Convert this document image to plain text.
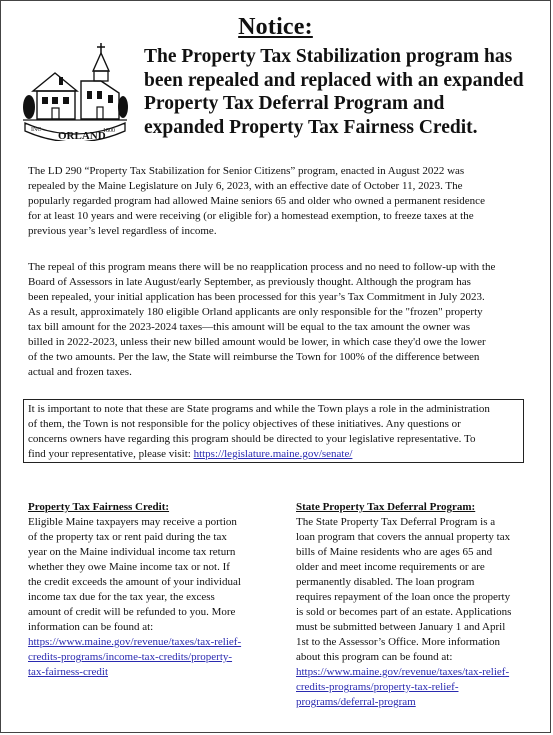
INC	1800
ORLAND
Notice:
The Property Tax Stabilization program has
been repealed and replaced with an expanded
Property Tax Deferral Program and
expanded Property Tax Fairness Credit.
The LD 290 “Property Tax Stabilization for Senior Citizens” program, enacted in August 2022 was
repealed by the Maine Legislature on July 6, 2023, with an effective date of October 11, 2023. The
popularly regarded program had allowed Maine seniors 65 and older who owned a permanent residence
for at least 10 years and were receiving (or eligible for) a homestead exemption, to freeze taxes at the
previous year’s level regardless of income.
The repeal of this program means there will be no reapplication process and no need to follow-up with the
Board of Assessors in late August/early September, as previously thought. Although the program has
been repealed, your initial application has been processed for this year’s Tax Commitment in July 2023.
As a result, approximately 180 eligible Orland applicants are only responsible for the "frozen" property
tax bill amount for the 2023-2024 taxes—this amount will be equal to the tax amount the owner was
billed in 2022-2023, unless their new billed amount would be lower, in which case they'd owe the lower
of the two amounts. Per the law, the State will reimburse the Town for 100% of the difference between
actual and frozen taxes.
It is important to note that these are State programs and while the Town plays a role in the administration
of them, the Town is not responsible for the policy objectives of these initiatives. Any questions or
concerns owners have regarding this program should be directed to your legislative representative. To
find your representative, please visit: https://legislature.maine.gov/senate/
Property Tax Fairness Credit:
Eligible Maine taxpayers may receive a portion
of the property tax or rent paid during the tax
year on the Maine individual income tax return
whether they owe Maine income tax or not. If
the credit exceeds the amount of your individual
income tax due for the tax year, the excess
amount of credit will be refunded to you. More
information can be found at:
https://www.maine.gov/revenue/taxes/tax-relief-
credits-programs/income-tax-credits/property-
tax-fairness-credit
State Property Tax Deferral Program:
The State Property Tax Deferral Program is a
loan program that covers the annual property tax
bills of Maine residents who are ages 65 and
older and meet income requirements or are
permanently disabled. The loan program
requires repayment of the loan once the property
is sold or becomes part of an estate. Applications
must be submitted between January 1 and April
1st to the Assessor’s Office. More information
about this program can be found at:
https://www.maine.gov/revenue/taxes/tax-relief-
credits-programs/property-tax-relief-
programs/deferral-program
